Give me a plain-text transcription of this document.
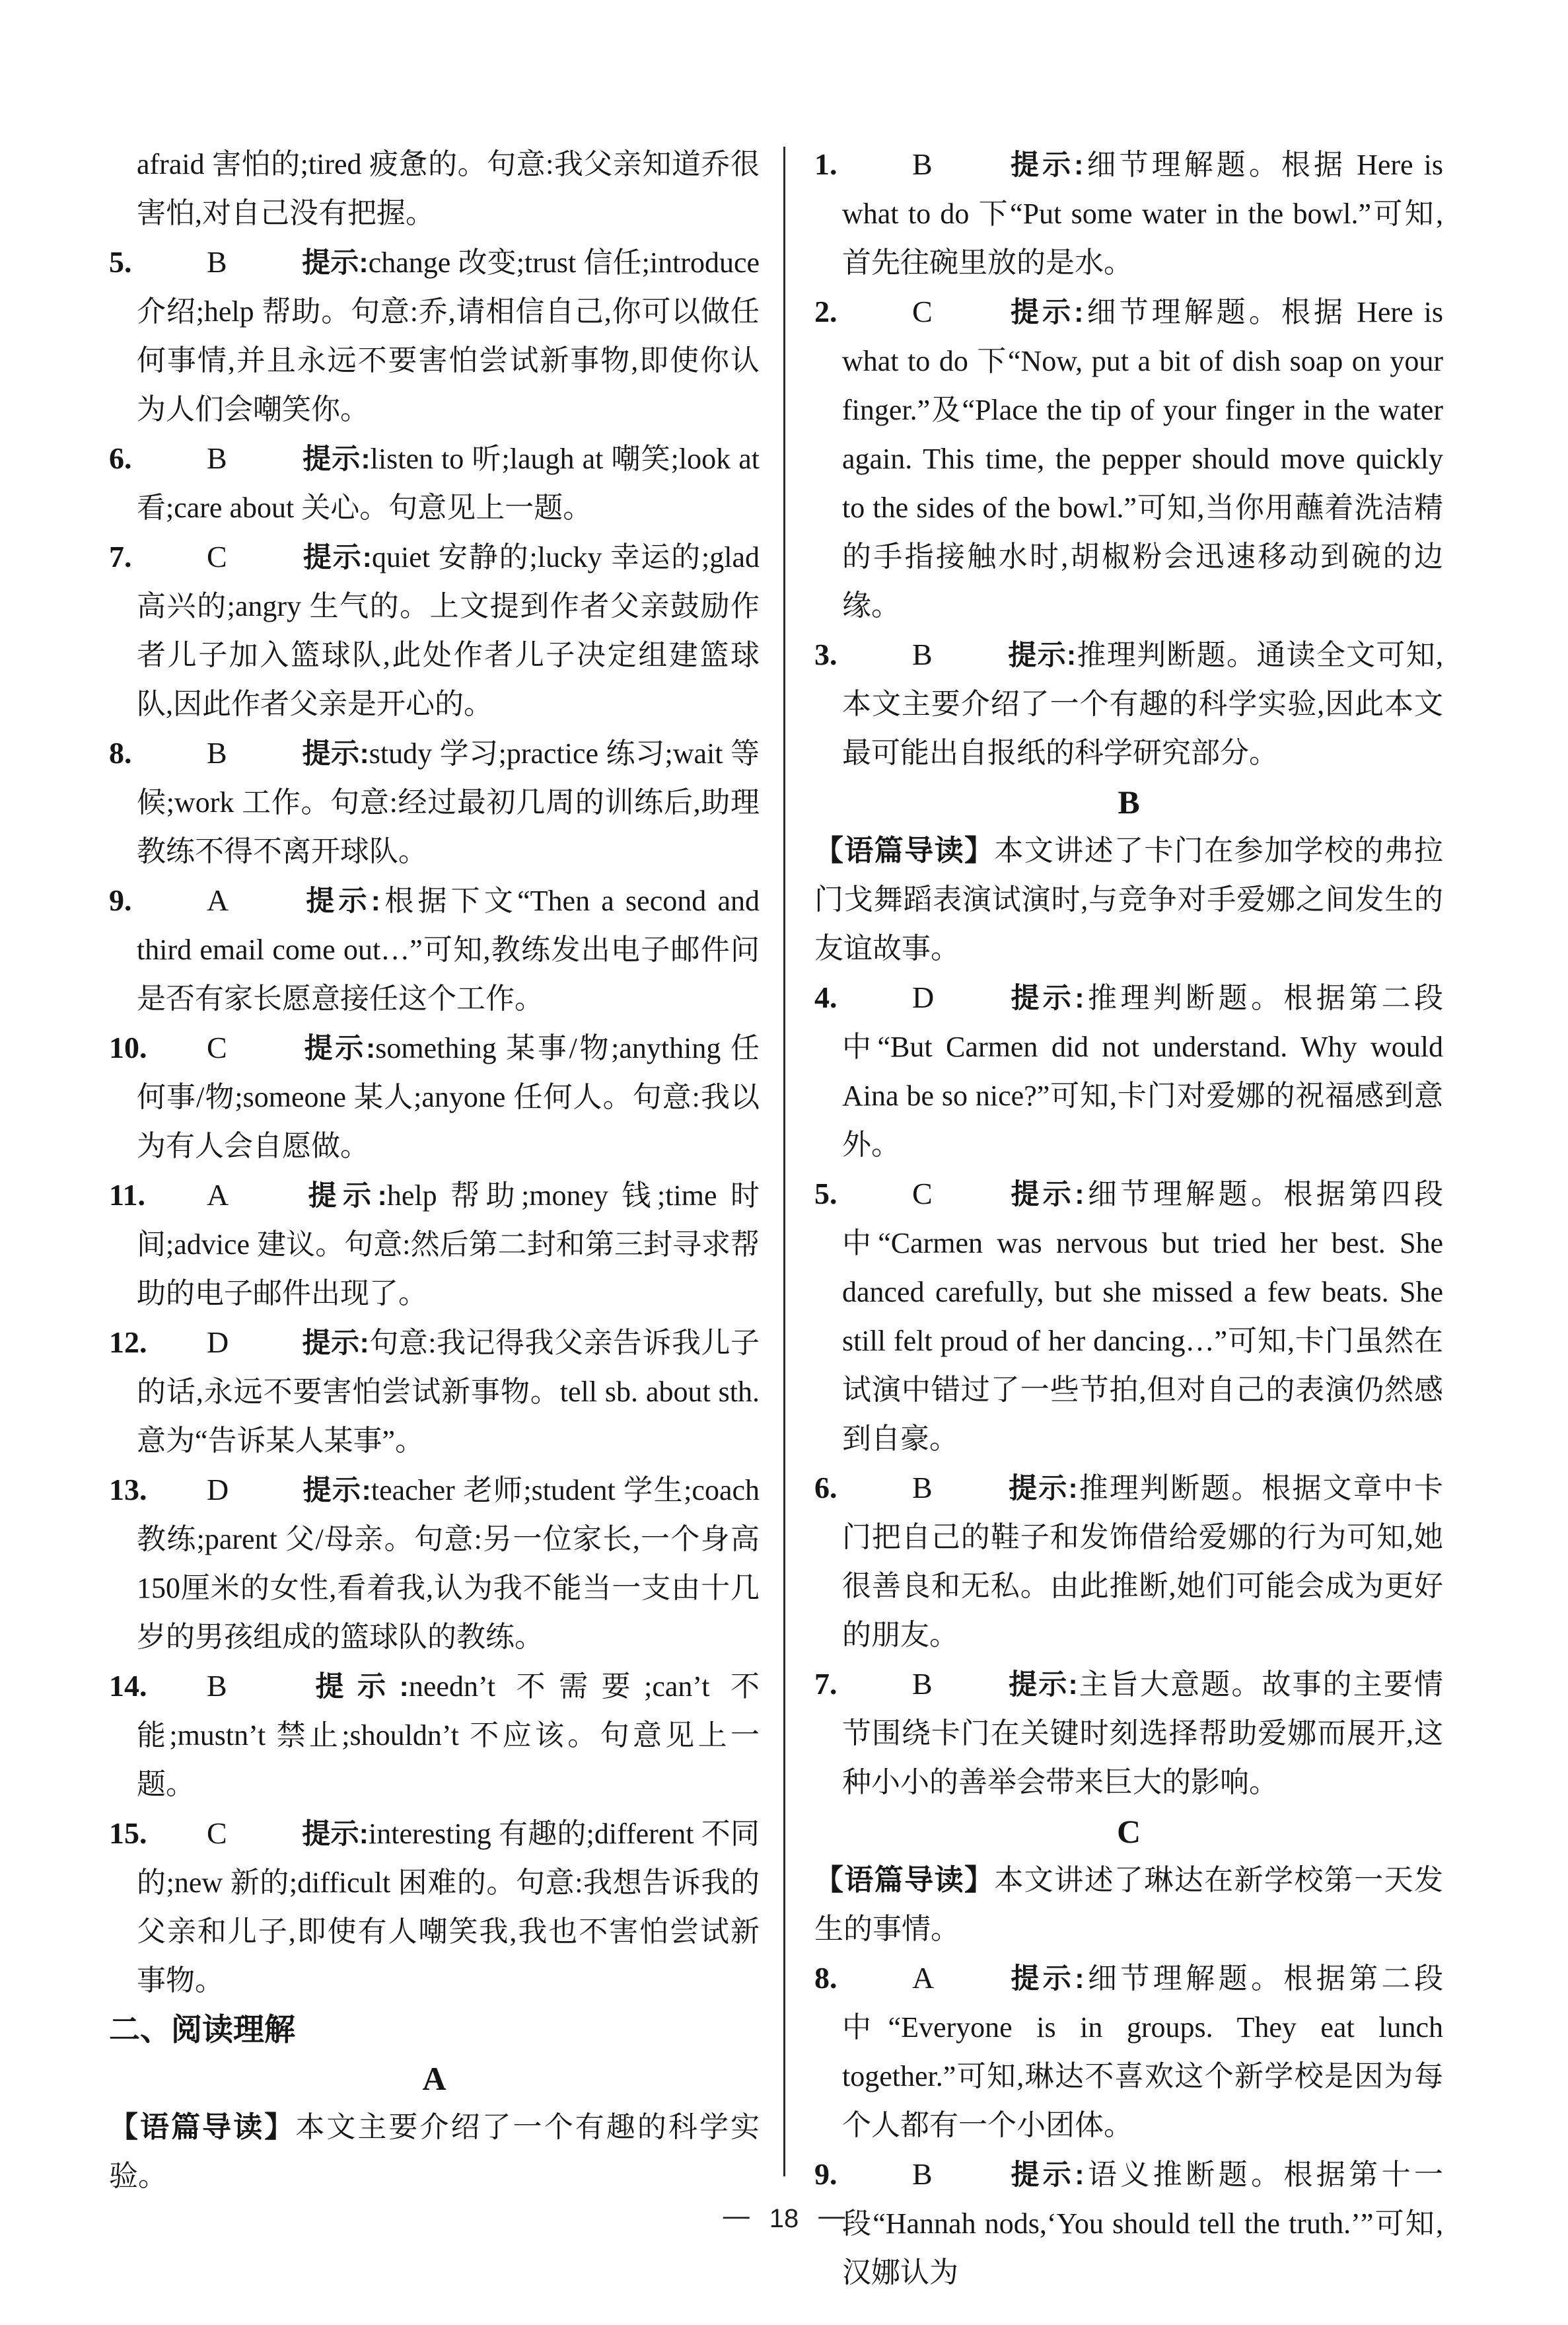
afraid 害怕的;tired 疲惫的。句意:我父亲知道乔很害怕,对自己没有把握。

5. B	提示:change 改变;trust 信任;introduce 介绍;help 帮助。句意:乔,请相信自己,你可以做任何事情,并且永远不要害怕尝试新事物,即使你认为人们会嘲笑你。

6. B	提示:listen to 听;laugh at 嘲笑;look at 看;care about 关心。句意见上一题。

7. C	提示:quiet 安静的;lucky 幸运的;glad 高兴的;angry 生气的。上文提到作者父亲鼓励作者儿子加入篮球队,此处作者儿子决定组建篮球队,因此作者父亲是开心的。

8. B	提示:study 学习;practice 练习;wait 等候;work 工作。句意:经过最初几周的训练后,助理教练不得不离开球队。

9. A	提示:根据下文“Then a second and third email come out…”可知,教练发出电子邮件问是否有家长愿意接任这个工作。

10. C	提示:something 某事/物;anything 任何事/物;someone 某人;anyone 任何人。句意:我以为有人会自愿做。

11. A	提示:help 帮助;money 钱;time 时间;advice 建议。句意:然后第二封和第三封寻求帮助的电子邮件出现了。

12. D	提示:句意:我记得我父亲告诉我儿子的话,永远不要害怕尝试新事物。tell sb. about sth. 意为“告诉某人某事”。

13. D	提示:teacher 老师;student 学生;coach 教练;parent 父/母亲。句意:另一位家长,一个身高150厘米的女性,看着我,认为我不能当一支由十几岁的男孩组成的篮球队的教练。

14. B	提示:needn’t 不需要;can’t 不能;mustn’t 禁止;shouldn’t 不应该。句意见上一题。

15. C	提示:interesting 有趣的;different 不同的;new 新的;difficult 困难的。句意:我想告诉我的父亲和儿子,即使有人嘲笑我,我也不害怕尝试新事物。

二、阅读理解

A

【语篇导读】本文主要介绍了一个有趣的科学实验。

1. B	提示:细节理解题。根据 Here is what to do 下“Put some water in the bowl.”可知,首先往碗里放的是水。

2. C	提示:细节理解题。根据 Here is what to do 下“Now, put a bit of dish soap on your finger.”及“Place the tip of your finger in the water again. This time, the pepper should move quickly to the sides of the bowl.”可知,当你用蘸着洗洁精的手指接触水时,胡椒粉会迅速移动到碗的边缘。

3. B	提示:推理判断题。通读全文可知,本文主要介绍了一个有趣的科学实验,因此本文最可能出自报纸的科学研究部分。

B

【语篇导读】本文讲述了卡门在参加学校的弗拉门戈舞蹈表演试演时,与竞争对手爱娜之间发生的友谊故事。

4. D	提示:推理判断题。根据第二段中“But Carmen did not understand. Why would Aina be so nice?”可知,卡门对爱娜的祝福感到意外。

5. C	提示:细节理解题。根据第四段中“Carmen was nervous but tried her best. She danced carefully, but she missed a few beats. She still felt proud of her dancing…”可知,卡门虽然在试演中错过了一些节拍,但对自己的表演仍然感到自豪。

6. B	提示:推理判断题。根据文章中卡门把自己的鞋子和发饰借给爱娜的行为可知,她很善良和无私。由此推断,她们可能会成为更好的朋友。

7. B	提示:主旨大意题。故事的主要情节围绕卡门在关键时刻选择帮助爱娜而展开,这种小小的善举会带来巨大的影响。

C

【语篇导读】本文讲述了琳达在新学校第一天发生的事情。

8. A	提示:细节理解题。根据第二段中“Everyone is in groups. They eat lunch together.”可知,琳达不喜欢这个新学校是因为每个人都有一个小团体。

9. B	提示:语义推断题。根据第十一段“Hannah nods,‘You should tell the truth.’”可知,汉娜认为

— 18 —
